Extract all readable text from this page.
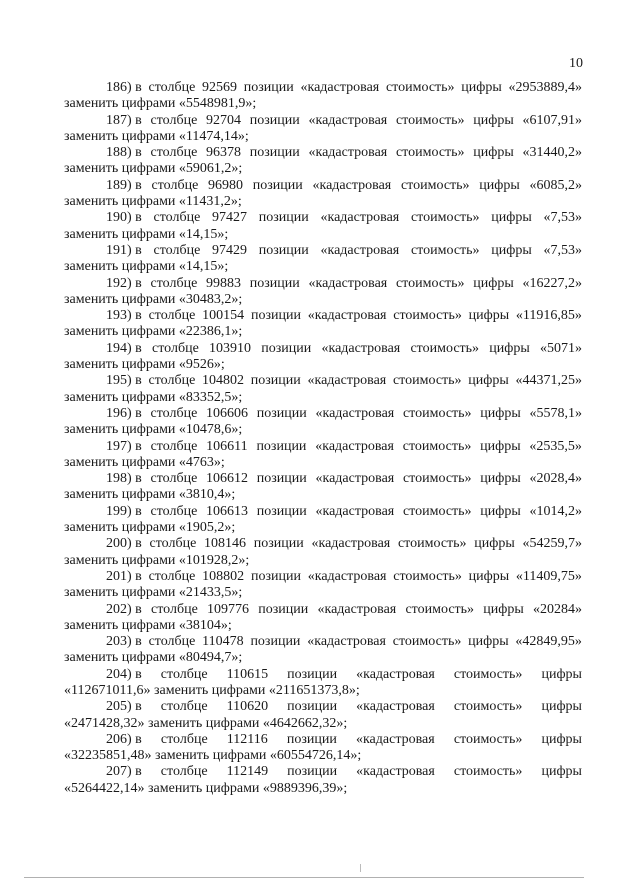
10

186) в столбце 92569 позиции «кадастровая стоимость» цифры «2953889,4»

заменить цифрами «5548981,9»;

187) в столбце 92704 позиции «кадастровая стоимость» цифры «6107,91»

заменить цифрами «11474,14»;

188) в столбце 96378 позиции «кадастровая стоимость» цифры «31440,2»

заменить цифрами «59061,2»;

189) в столбце 96980 позиции «кадастровая стоимость» цифры «6085,2»

заменить цифрами «11431,2»;

190) в столбце 97427 позиции «кадастровая стоимость» цифры «7,53»

заменить цифрами «14,15»;

191) в столбце 97429 позиции «кадастровая стоимость» цифры «7,53»

заменить цифрами «14,15»;

192) в столбце 99883 позиции «кадастровая стоимость» цифры «16227,2»

заменить цифрами «30483,2»;

193) в столбце 100154 позиции «кадастровая стоимость» цифры «11916,85»

заменить цифрами «22386,1»;

194) в столбце 103910 позиции «кадастровая стоимость» цифры «5071»

заменить цифрами «9526»;

195) в столбце 104802 позиции «кадастровая стоимость» цифры «44371,25»

заменить цифрами «83352,5»;

196) в столбце 106606 позиции «кадастровая стоимость» цифры «5578,1»

заменить цифрами «10478,6»;

197) в столбце 106611 позиции «кадастровая стоимость» цифры «2535,5»

заменить цифрами «4763»;

198) в столбце 106612 позиции «кадастровая стоимость» цифры «2028,4»

заменить цифрами «3810,4»;

199) в столбце 106613 позиции «кадастровая стоимость» цифры «1014,2»

заменить цифрами «1905,2»;

200) в столбце 108146 позиции «кадастровая стоимость» цифры «54259,7»

заменить цифрами «101928,2»;

201) в столбце 108802 позиции «кадастровая стоимость» цифры «11409,75»

заменить цифрами «21433,5»;

202) в столбце 109776 позиции «кадастровая стоимость» цифры «20284»

заменить цифрами «38104»;

203) в столбце 110478 позиции «кадастровая стоимость» цифры «42849,95»

заменить цифрами «80494,7»;

204) в столбце 110615 позиции «кадастровая стоимость» цифры

«112671011,6» заменить цифрами «211651373,8»;

205) в столбце 110620 позиции «кадастровая стоимость» цифры

«2471428,32» заменить цифрами «4642662,32»;

206) в столбце 112116 позиции «кадастровая стоимость» цифры

«32235851,48» заменить цифрами «60554726,14»;

207) в столбце 112149 позиции «кадастровая стоимость» цифры

«5264422,14» заменить цифрами «9889396,39»;
